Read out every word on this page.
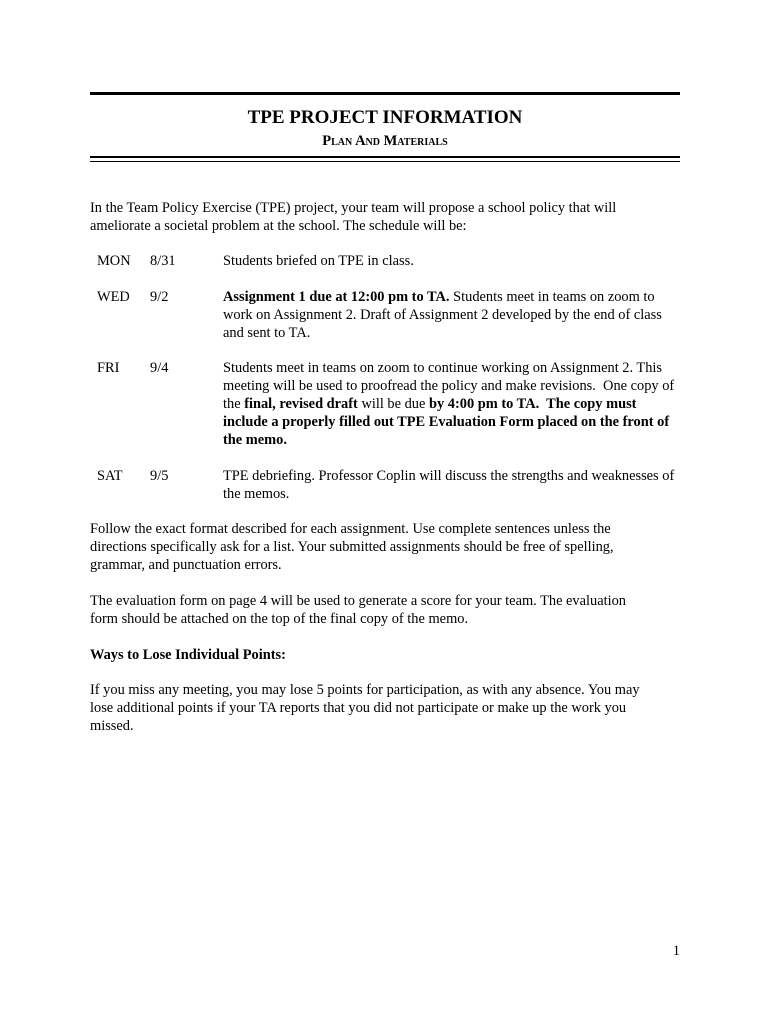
TPE PROJECT INFORMATION
Plan And Materials
In the Team Policy Exercise (TPE) project, your team will propose a school policy that will
ameliorate a societal problem at the school. The schedule will be:
MON 8/31	Students briefed on TPE in class.
WED 9/2	Assignment 1 due at 12:00 pm to TA. Students meet in teams on zoom to
work on Assignment 2. Draft of Assignment 2 developed by the end of class
and sent to TA.
FRI 9/4	Students meet in teams on zoom to continue working on Assignment 2. This
meeting will be used to proofread the policy and make revisions.  One copy of
the final, revised draft will be due by 4:00 pm to TA.  The copy must
include a properly filled out TPE Evaluation Form placed on the front of
the memo.
SAT 9/5	TPE debriefing. Professor Coplin will discuss the strengths and weaknesses of
the memos.
Follow the exact format described for each assignment. Use complete sentences unless the
directions specifically ask for a list. Your submitted assignments should be free of spelling,
grammar, and punctuation errors.
The evaluation form on page 4 will be used to generate a score for your team. The evaluation
form should be attached on the top of the final copy of the memo.
Ways to Lose Individual Points:
If you miss any meeting, you may lose 5 points for participation, as with any absence. You may
lose additional points if your TA reports that you did not participate or make up the work you
missed.
1
